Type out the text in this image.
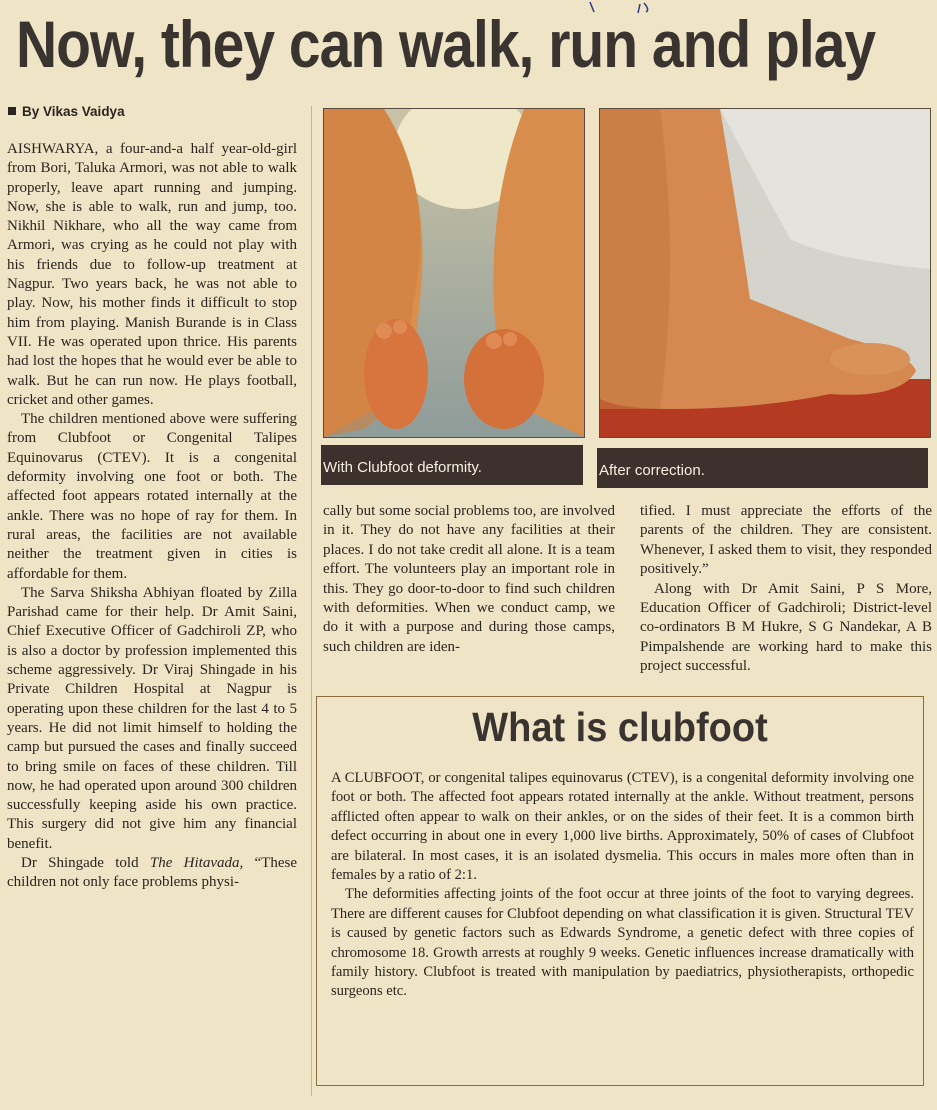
Now, they can walk, run and play
By Vikas Vaidya

AISHWARYA, a four-and-a half year-old-girl from Bori, Taluka Armori, was not able to walk properly, leave apart running and jumping. Now, she is able to walk, run and jump, too. Nikhil Nikhare, who all the way came from Armori, was crying as he could not play with his friends due to follow-up treatment at Nagpur. Two years back, he was not able to play. Now, his mother finds it difficult to stop him from playing. Manish Burande is in Class VII. He was operated upon thrice. His parents had lost the hopes that he would ever be able to walk. But he can run now. He plays football, cricket and other games.

The children mentioned above were suffering from Clubfoot or Congenital Talipes Equinovarus (CTEV). It is a congenital deformity involving one foot or both. The affected foot appears rotated internally at the ankle. There was no hope of ray for them. In rural areas, the facilities are not available neither the treatment given in cities is affordable for them.

The Sarva Shiksha Abhiyan floated by Zilla Parishad came for their help. Dr Amit Saini, Chief Executive Officer of Gadchiroli ZP, who is also a doctor by profession implemented this scheme aggressively. Dr Viraj Shingade in his Private Children Hospital at Nagpur is operating upon these children for the last 4 to 5 years. He did not limit himself to holding the camp but pursued the cases and finally succeed to bring smile on faces of these children. Till now, he had operated upon around 300 children successfully keeping aside his own practice. This surgery did not give him any financial benefit.

Dr Shingade told The Hitavada, “These children not only face problems physi-

With Clubfoot deformity.	After correction.

cally but some social problems too, are involved in it. They do not have any facilities at their places. I do not take credit all alone. It is a team effort. The volunteers play an important role in this. They go door-to-door to find such children with deformities. When we conduct camp, we do it with a purpose and during those camps, such children are iden-

tified. I must appreciate the efforts of the parents of the children. They are consistent. Whenever, I asked them to visit, they responded positively.”

Along with Dr Amit Saini, P S More, Education Officer of Gadchiroli; District-level co-ordinators B M Hukre, S G Nandekar, A B Pimpalshende are working hard to make this project successful.

What is clubfoot

A CLUBFOOT, or congenital talipes equinovarus (CTEV), is a congenital deformity involving one foot or both. The affected foot appears rotated internally at the ankle. Without treatment, persons afflicted often appear to walk on their ankles, or on the sides of their feet. It is a common birth defect occurring in about one in every 1,000 live births. Approximately, 50% of cases of Clubfoot are bilateral. In most cases, it is an isolated dysmelia. This occurs in males more often than in females by a ratio of 2:1.

The deformities affecting joints of the foot occur at three joints of the foot to varying degrees. There are different causes for Clubfoot depending on what classification it is given. Structural TEV is caused by genetic factors such as Edwards Syndrome, a genetic defect with three copies of chromosome 18. Growth arrests at roughly 9 weeks. Genetic influences increase dramatically with family history. Clubfoot is treated with manipulation by paediatrics, physiotherapists, orthopedic surgeons etc.
